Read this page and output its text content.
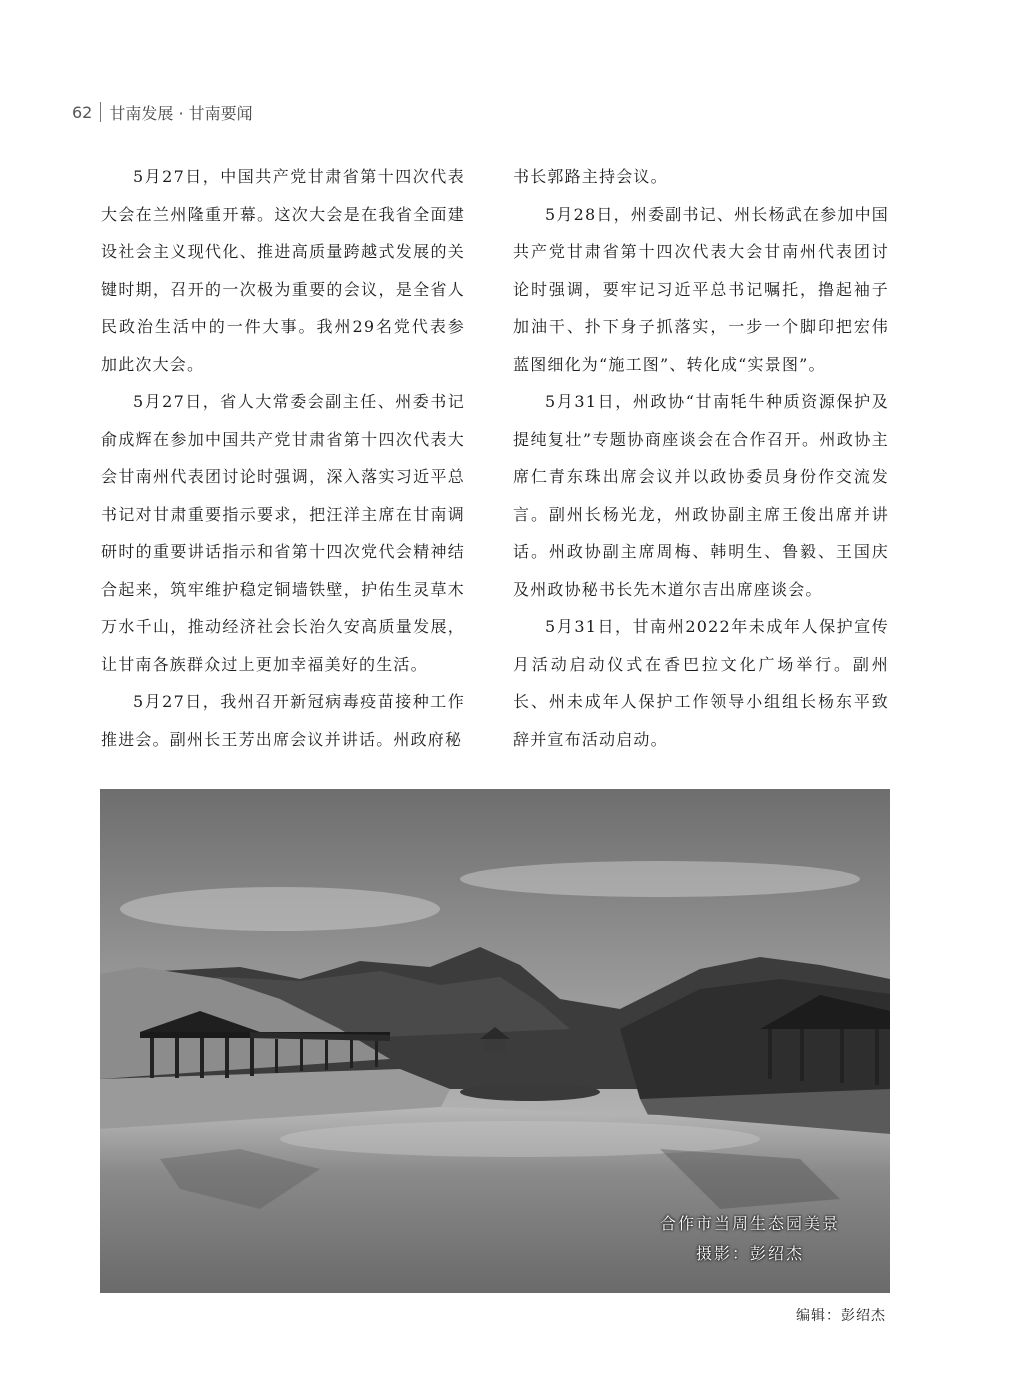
62 甘南发展 · 甘南要闻

5月27日，中国共产党甘肃省第十四次代表大会在兰州隆重开幕。这次大会是在我省全面建设社会主义现代化、推进高质量跨越式发展的关键时期，召开的一次极为重要的会议，是全省人民政治生活中的一件大事。我州29名党代表参加此次大会。

5月27日，省人大常委会副主任、州委书记俞成辉在参加中国共产党甘肃省第十四次代表大会甘南州代表团讨论时强调，深入落实习近平总书记对甘肃重要指示要求，把汪洋主席在甘南调研时的重要讲话指示和省第十四次党代会精神结合起来，筑牢维护稳定铜墙铁壁，护佑生灵草木万水千山，推动经济社会长治久安高质量发展，让甘南各族群众过上更加幸福美好的生活。

5月27日，我州召开新冠病毒疫苗接种工作推进会。副州长王芳出席会议并讲话。州政府秘

书长郭路主持会议。

5月28日，州委副书记、州长杨武在参加中国共产党甘肃省第十四次代表大会甘南州代表团讨论时强调，要牢记习近平总书记嘱托，撸起袖子加油干、扑下身子抓落实，一步一个脚印把宏伟蓝图细化为“施工图”、转化成“实景图”。

5月31日，州政协“甘南牦牛种质资源保护及提纯复壮”专题协商座谈会在合作召开。州政协主席仁青东珠出席会议并以政协委员身份作交流发言。副州长杨光龙，州政协副主席王俊出席并讲话。州政协副主席周梅、韩明生、鲁毅、王国庆及州政协秘书长先木道尔吉出席座谈会。

5月31日，甘南州2022年未成年人保护宣传月活动启动仪式在香巴拉文化广场举行。副州长、州未成年人保护工作领导小组组长杨东平致辞并宣布活动启动。

合作市当周生态园美景
摄影：彭绍杰
编辑：彭绍杰
